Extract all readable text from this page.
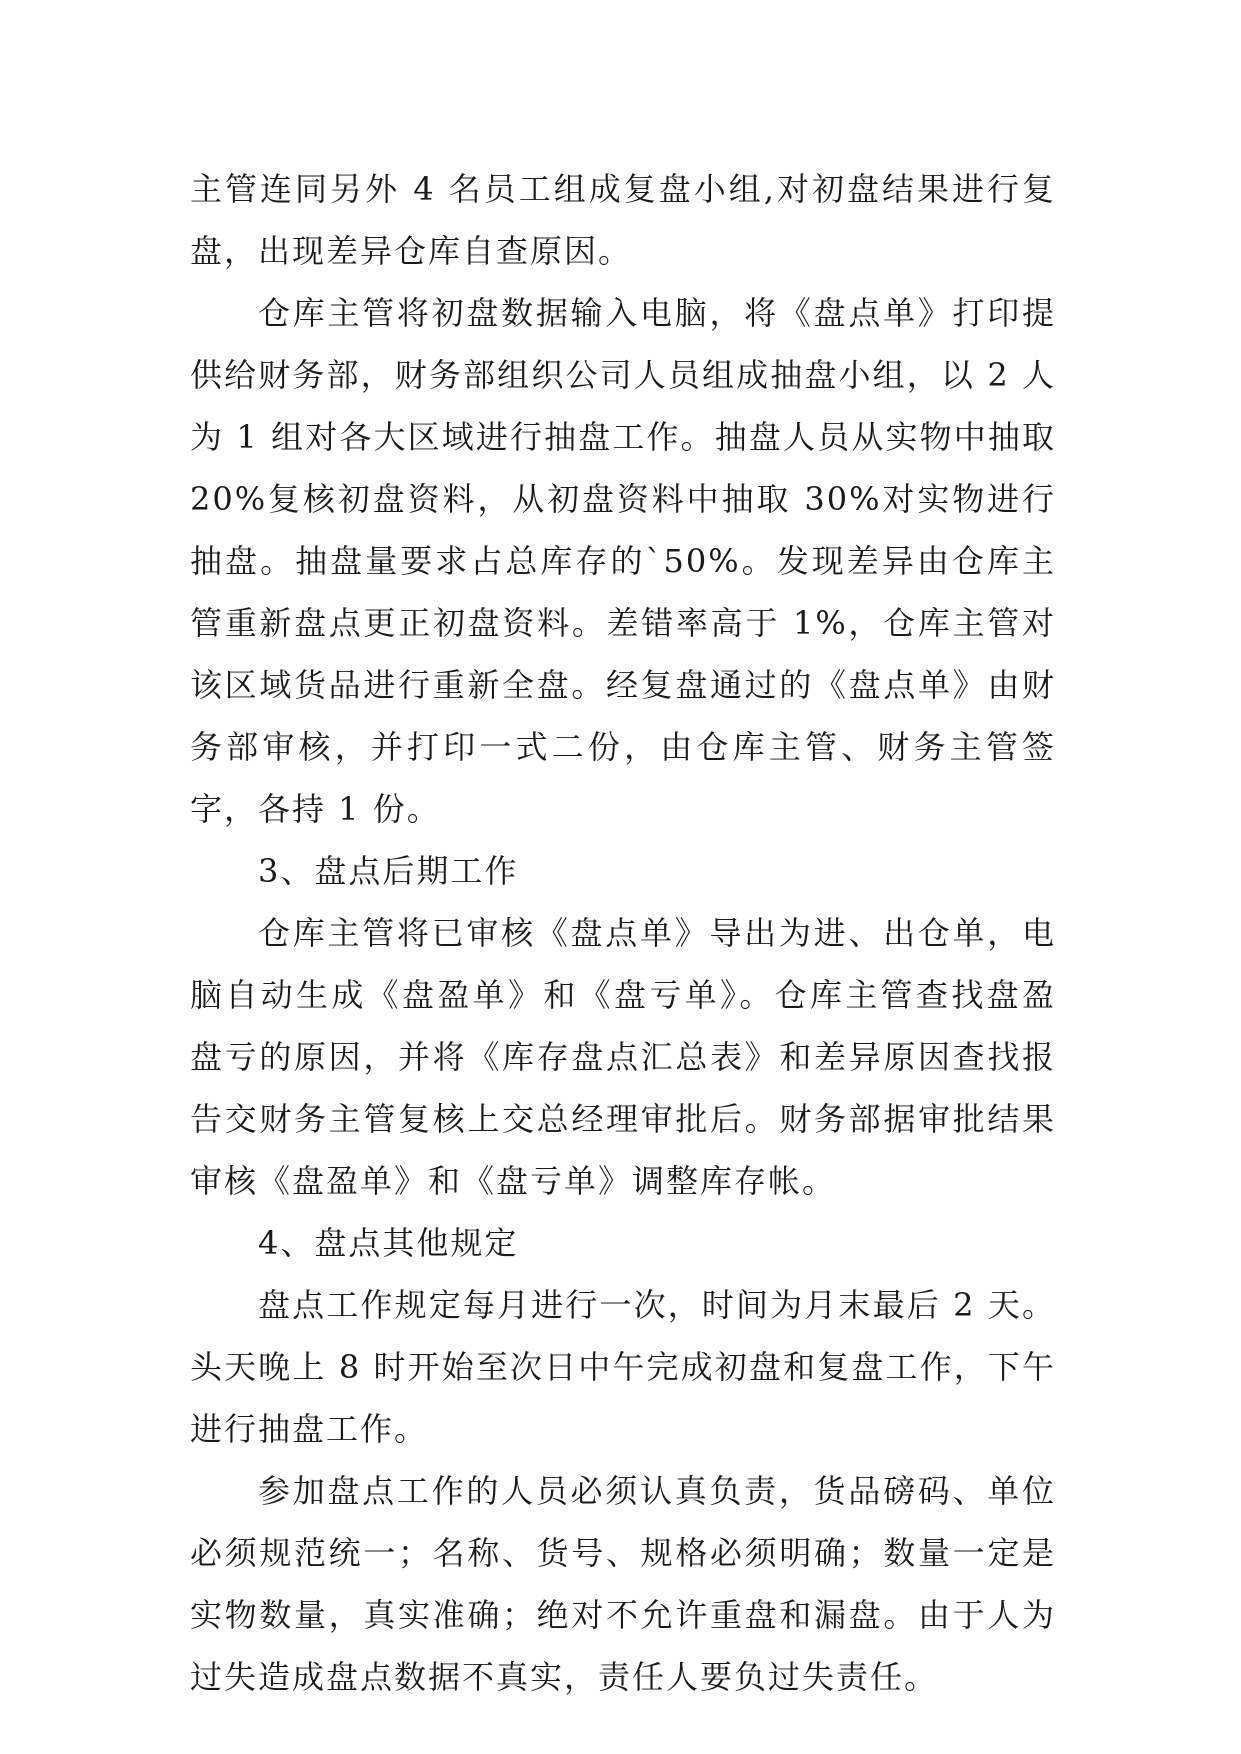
主管连同另外 4 名员工组成复盘小组,对初盘结果进行复盘，出现差异仓库自查原因。

仓库主管将初盘数据输入电脑，将《盘点单》打印提供给财务部，财务部组织公司人员组成抽盘小组，以 2 人为 1 组对各大区域进行抽盘工作。抽盘人员从实物中抽取 20%复核初盘资料，从初盘资料中抽取 30%对实物进行抽盘。抽盘量要求占总库存的`50%。发现差异由仓库主管重新盘点更正初盘资料。差错率高于 1%，仓库主管对该区域货品进行重新全盘。经复盘通过的《盘点单》由财务部审核，并打印一式二份，由仓库主管、财务主管签字，各持 1 份。

3、盘点后期工作

仓库主管将已审核《盘点单》导出为进、出仓单，电脑自动生成《盘盈单》和《盘亏单》。仓库主管查找盘盈盘亏的原因，并将《库存盘点汇总表》和差异原因查找报告交财务主管复核上交总经理审批后。财务部据审批结果审核《盘盈单》和《盘亏单》调整库存帐。

4、盘点其他规定

盘点工作规定每月进行一次，时间为月末最后 2 天。头天晚上 8 时开始至次日中午完成初盘和复盘工作，下午进行抽盘工作。

参加盘点工作的人员必须认真负责，货品磅码、单位必须规范统一；名称、货号、规格必须明确；数量一定是实物数量，真实准确；绝对不允许重盘和漏盘。由于人为过失造成盘点数据不真实，责任人要负过失责任。
